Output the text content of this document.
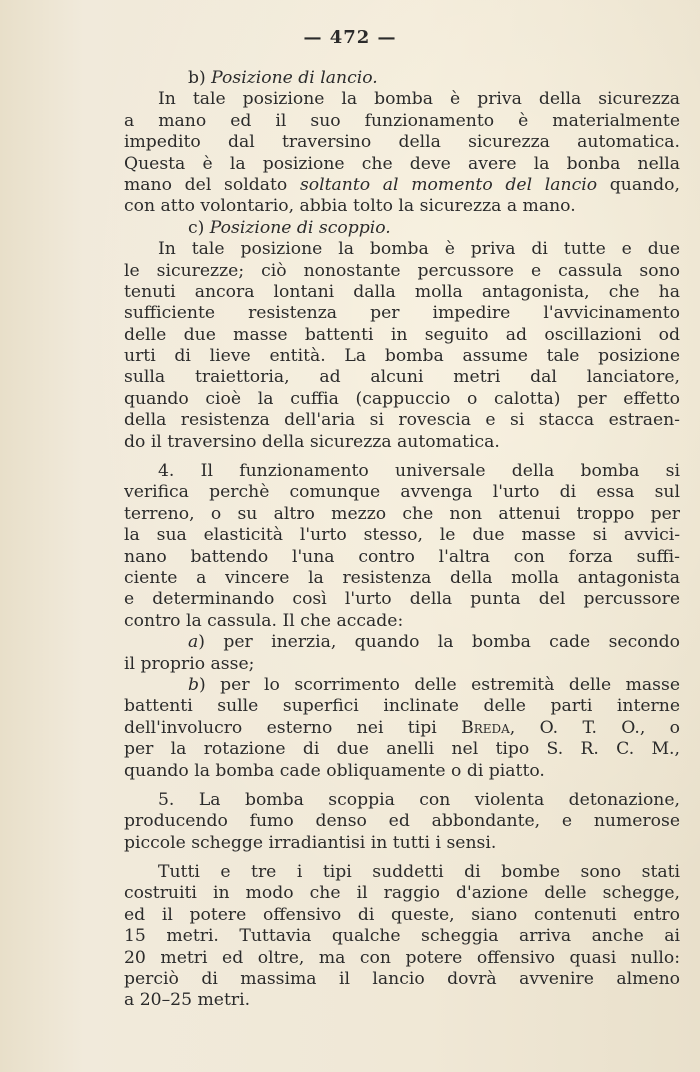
— 472 —
b) Posizione di lancio.
In tale posizione la bomba è priva della sicurezza
a mano ed il suo funzionamento è materialmente
impedito dal traversino della sicurezza automatica.
Questa è la posizione che deve avere la bonba nella
mano del soldato soltanto al momento del lancio quando,
con atto volontario, abbia tolto la sicurezza a mano.
c) Posizione di scoppio.
In tale posizione la bomba è priva di tutte e due
le sicurezze; ciò nonostante percussore e cassula sono
tenuti ancora lontani dalla molla antagonista, che ha
sufficiente resistenza per impedire l'avvicinamento
delle due masse battenti in seguito ad oscillazioni od
urti di lieve entità. La bomba assume tale posizione
sulla traiettoria, ad alcuni metri dal lanciatore,
quando cioè la cuffia (cappuccio o calotta) per effetto
della resistenza dell'aria si rovescia e si stacca estraen-
do il traversino della sicurezza automatica.
4. Il funzionamento universale della bomba si
verifica perchè comunque avvenga l'urto di essa sul
terreno, o su altro mezzo che non attenui troppo per
la sua elasticità l'urto stesso, le due masse si avvici-
nano battendo l'una contro l'altra con forza suffi-
ciente a vincere la resistenza della molla antagonista
e determinando così l'urto della punta del percussore
contro la cassula. Il che accade:
a) per inerzia, quando la bomba cade secondo
il proprio asse;
b) per lo scorrimento delle estremità delle masse
battenti sulle superfici inclinate delle parti interne
dell'involucro esterno nei tipi Breda, O. T. O., o
per la rotazione di due anelli nel tipo S. R. C. M.,
quando la bomba cade obliquamente o di piatto.
5. La bomba scoppia con violenta detonazione,
producendo fumo denso ed abbondante, e numerose
piccole schegge irradiantisi in tutti i sensi.
Tutti e tre i tipi suddetti di bombe sono stati
costruiti in modo che il raggio d'azione delle schegge,
ed il potere offensivo di queste, siano contenuti entro
15 metri. Tuttavia qualche scheggia arriva anche ai
20 metri ed oltre, ma con potere offensivo quasi nullo:
perciò di massima il lancio dovrà avvenire almeno
a 20–25 metri.
